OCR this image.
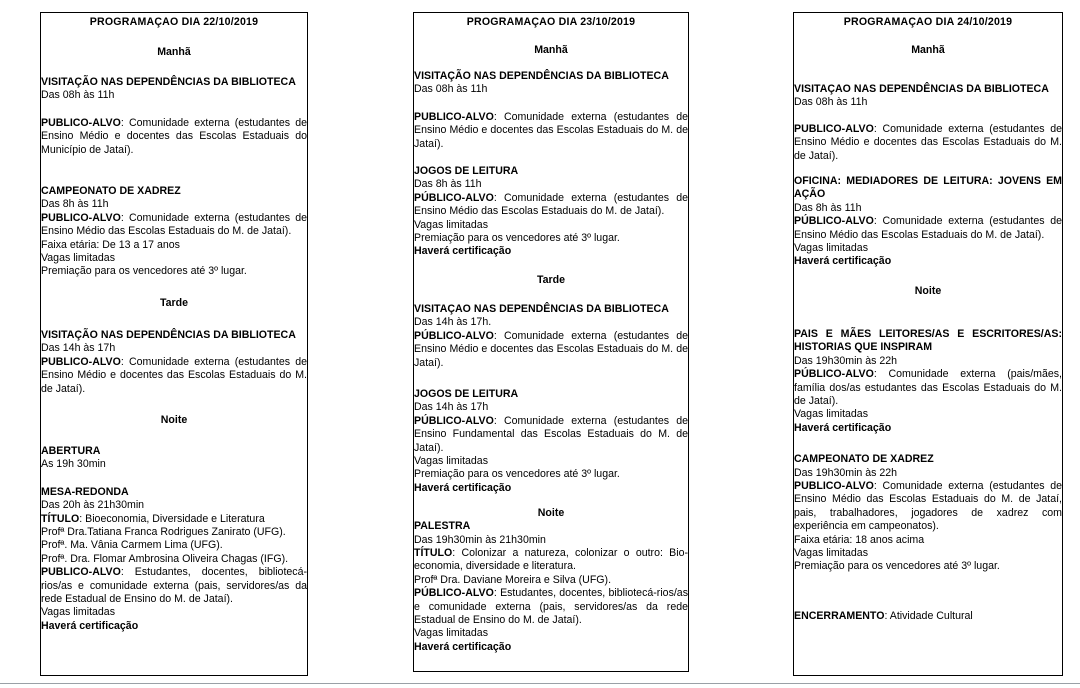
PROGRAMAÇAO DIA 22/10/2019
Manhã
VISITAÇÃO NAS DEPENDÊNCIAS DA BIBLIOTECA
Das 08h às 11h
PUBLICO-ALVO: Comunidade externa (estudantes de Ensino Médio e docentes das Escolas Estaduais do Município de Jataí).
CAMPEONATO DE XADREZ
Das 8h às 11h
PUBLICO-ALVO: Comunidade externa (estudantes de Ensino Médio das Escolas Estaduais do M. de Jataí).
Faixa etária: De 13 a 17 anos
Vagas limitadas
Premiação para os vencedores até 3º lugar.
Tarde
VISITAÇÃO NAS DEPENDÊNCIAS DA BIBLIOTECA
Das 14h às 17h
PUBLICO-ALVO: Comunidade externa (estudantes de Ensino Médio e docentes das Escolas Estaduais do M. de Jataí).
Noite
ABERTURA
As 19h 30min
MESA-REDONDA
Das 20h às 21h30min
TÍTULO: Bioeconomia, Diversidade e Literatura
Profª Dra.Tatiana Franca Rodrigues Zanirato (UFG).
Profª. Ma. Vânia Carmem Lima (UFG).
Profª. Dra. Flomar Ambrosina Oliveira Chagas (IFG).
PUBLICO-ALVO: Estudantes, docentes, bibliotecá-rios/as e comunidade externa (pais, servidores/as da rede Estadual de Ensino do M. de Jataí).
Vagas limitadas
Haverá certificação
PROGRAMAÇAO DIA 23/10/2019
Manhã
VISITAÇÃO NAS DEPENDÊNCIAS DA BIBLIOTECA
Das 08h às 11h
PUBLICO-ALVO: Comunidade externa (estudantes de Ensino Médio e docentes das Escolas Estaduais do M. de Jataí).
JOGOS DE LEITURA
Das 8h às 11h
PÚBLICO-ALVO: Comunidade externa (estudantes de Ensino Médio das Escolas Estaduais do M. de Jataí).
Vagas limitadas
Premiação para os vencedores até 3º lugar.
Haverá certificação
Tarde
VISITAÇAO NAS DEPENDÊNCIAS DA BIBLIOTECA
Das 14h às 17h.
PÚBLICO-ALVO: Comunidade externa (estudantes de Ensino Médio e docentes das Escolas Estaduais do M. de Jataí).
JOGOS DE LEITURA
Das 14h às 17h
PÚBLICO-ALVO: Comunidade externa (estudantes de Ensino Fundamental das Escolas Estaduais do M. de Jataí).
Vagas limitadas
Premiação para os vencedores até 3º lugar.
Haverá certificação
Noite
PALESTRA
Das 19h30min às 21h30min
TÍTULO: Colonizar a natureza, colonizar o outro: Bio-economia, diversidade e literatura.
Profª Dra. Daviane Moreira e Silva (UFG).
PÚBLICO-ALVO: Estudantes, docentes, bibliotecá-rios/as e comunidade externa (pais, servidores/as da rede Estadual de Ensino do M. de Jataí).
Vagas limitadas
Haverá certificação
PROGRAMAÇAO DIA 24/10/2019
Manhã
VISITAÇAO NAS DEPENDÊNCIAS DA BIBLIOTECA
Das 08h às 11h
PUBLICO-ALVO: Comunidade externa (estudantes de Ensino Médio e docentes das Escolas Estaduais do M. de Jataí).
OFICINA: MEDIADORES DE LEITURA: JOVENS EM AÇÃO
Das 8h às 11h
PÚBLICO-ALVO: Comunidade externa (estudantes de Ensino Médio das Escolas Estaduais do M. de Jataí).
Vagas limitadas
Haverá certificação
Noite
PAIS E MÃES LEITORES/AS E ESCRITORES/AS: HISTORIAS QUE INSPIRAM
Das 19h30min às 22h
PÚBLICO-ALVO: Comunidade externa (pais/mães, família dos/as estudantes das Escolas Estaduais do M. de Jataí).
Vagas limitadas
Haverá certificação
CAMPEONATO DE XADREZ
Das 19h30min às 22h
PUBLICO-ALVO: Comunidade externa (estudantes de Ensino Médio das Escolas Estaduais do M. de Jataí, pais, trabalhadores, jogadores de xadrez com experiência em campeonatos).
Faixa etária: 18 anos acima
Vagas limitadas
Premiação para os vencedores até 3º lugar.
ENCERRAMENTO: Atividade Cultural
